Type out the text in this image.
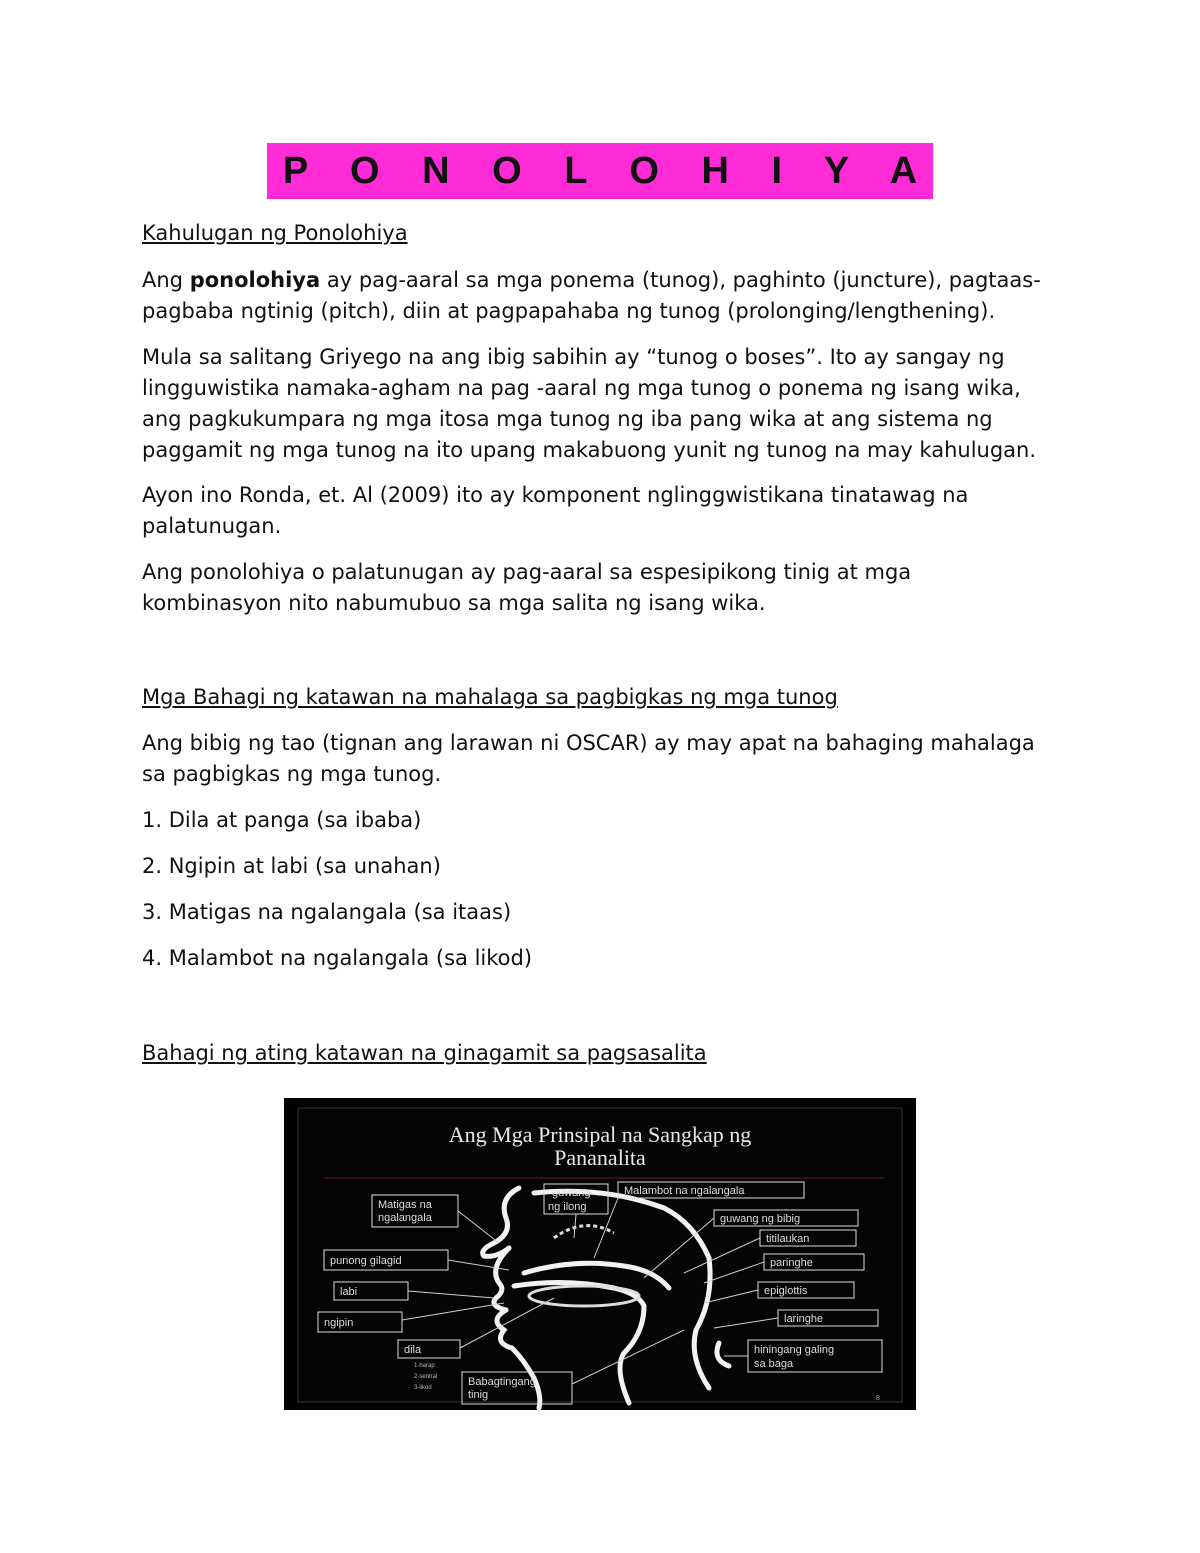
P O N O L O H I Y A

Kahulugan ng Ponolohiya

Ang ponolohiya ay pag-aaral sa mga ponema (tunog), paghinto (juncture), pagtaas-
pagbaba ngtinig (pitch), diin at pagpapahaba ng tunog (prolonging/lengthening).

Mula sa salitang Griyego na ang ibig sabihin ay “tunog o boses”. Ito ay sangay ng
lingguwistika namaka-agham na pag -aaral ng mga tunog o ponema ng isang wika,
ang pagkukumpara ng mga itosa mga tunog ng iba pang wika at ang sistema ng
paggamit ng mga tunog na ito upang makabuong yunit ng tunog na may kahulugan.

Ayon ino Ronda, et. Al (2009) ito ay komponent nglinggwistikana tinatawag na
palatunugan.

Ang ponolohiya o palatunugan ay pag-aaral sa espesipikong tinig at mga
kombinasyon nito nabumubuo sa mga salita ng isang wika.

Mga Bahagi ng katawan na mahalaga sa pagbigkas ng mga tunog

Ang bibig ng tao (tignan ang larawan ni OSCAR) ay may apat na bahaging mahalaga
sa pagbigkas ng mga tunog.

1. Dila at panga (sa ibaba)

2. Ngipin at labi (sa unahan)

3. Matigas na ngalangala (sa itaas)

4. Malambot na ngalangala (sa likod)

Bahagi ng ating katawan na ginagamit sa pagsasalita

Ang Mga Prinsipal na Sangkap ng
Pananalita
Matigas na
ngalangala
guwang
ng ilong
Malambot na ngalangala
guwang ng bibig
titilaukan
paringhe
epiglottis
laringhe
hiningang galing
sa baga
punong gilagid
labi
ngipin
dila
1-harap
2-sentral
3-likod	Babagtingang
tinig	8
